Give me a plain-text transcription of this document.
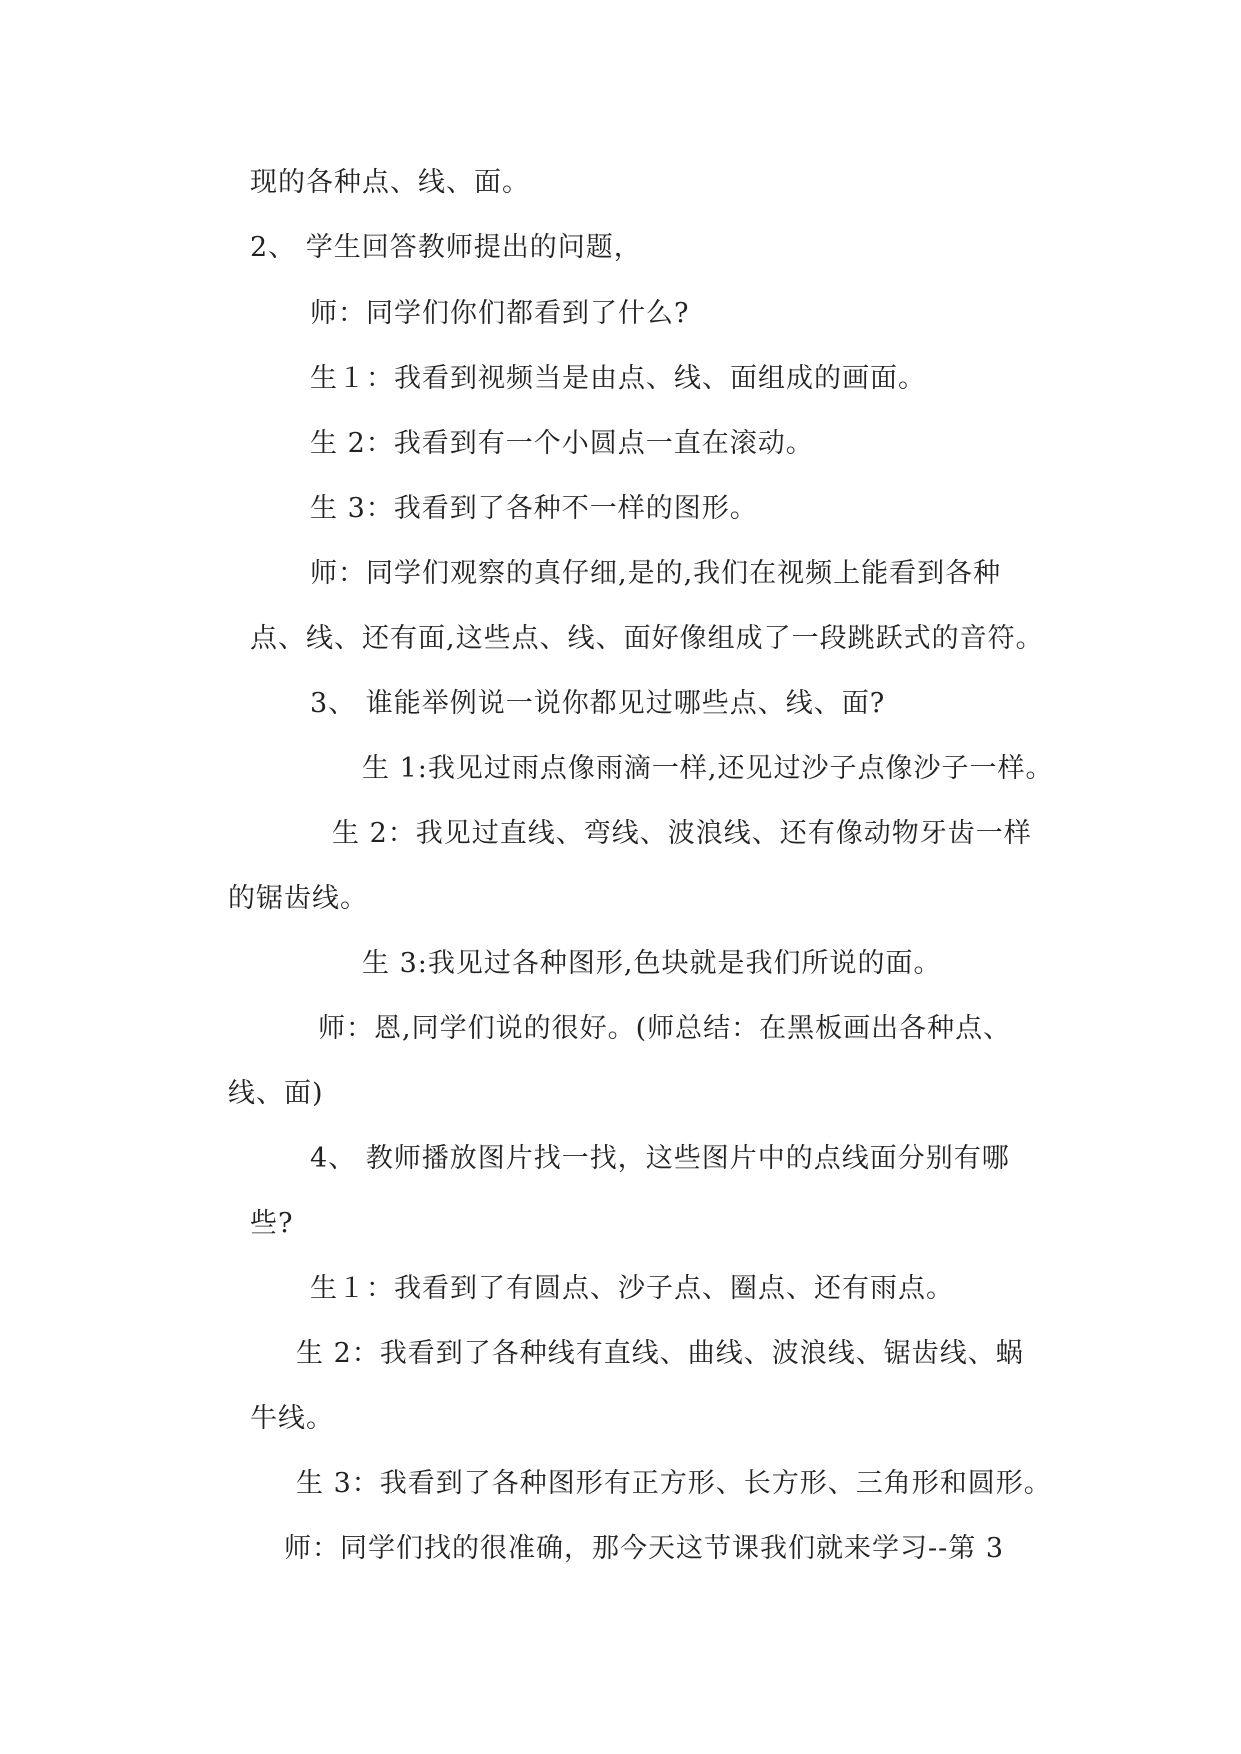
现的各种点、线、面。
2、 学生回答教师提出的问题，
师：同学们你们都看到了什么?
生１：我看到视频当是由点、线、面组成的画面。
生 2：我看到有一个小圆点一直在滚动。
生 3：我看到了各种不一样的图形。
师：同学们观察的真仔细,是的,我们在视频上能看到各种
点、线、还有面,这些点、线、面好像组成了一段跳跃式的音符。
3、 谁能举例说一说你都见过哪些点、线、面?
生 1:我见过雨点像雨滴一样,还见过沙子点像沙子一样。
生 2：我见过直线、弯线、波浪线、还有像动物牙齿一样
的锯齿线。
生 3:我见过各种图形,色块就是我们所说的面。
师：恩,同学们说的很好。(师总结：在黑板画出各种点、
线、面)
4、 教师播放图片找一找，这些图片中的点线面分别有哪
些?
生１：我看到了有圆点、沙子点、圈点、还有雨点。
生 2：我看到了各种线有直线、曲线、波浪线、锯齿线、蜗
牛线。
生 3：我看到了各种图形有正方形、长方形、三角形和圆形。
师：同学们找的很准确，那今天这节课我们就来学习--第 3
